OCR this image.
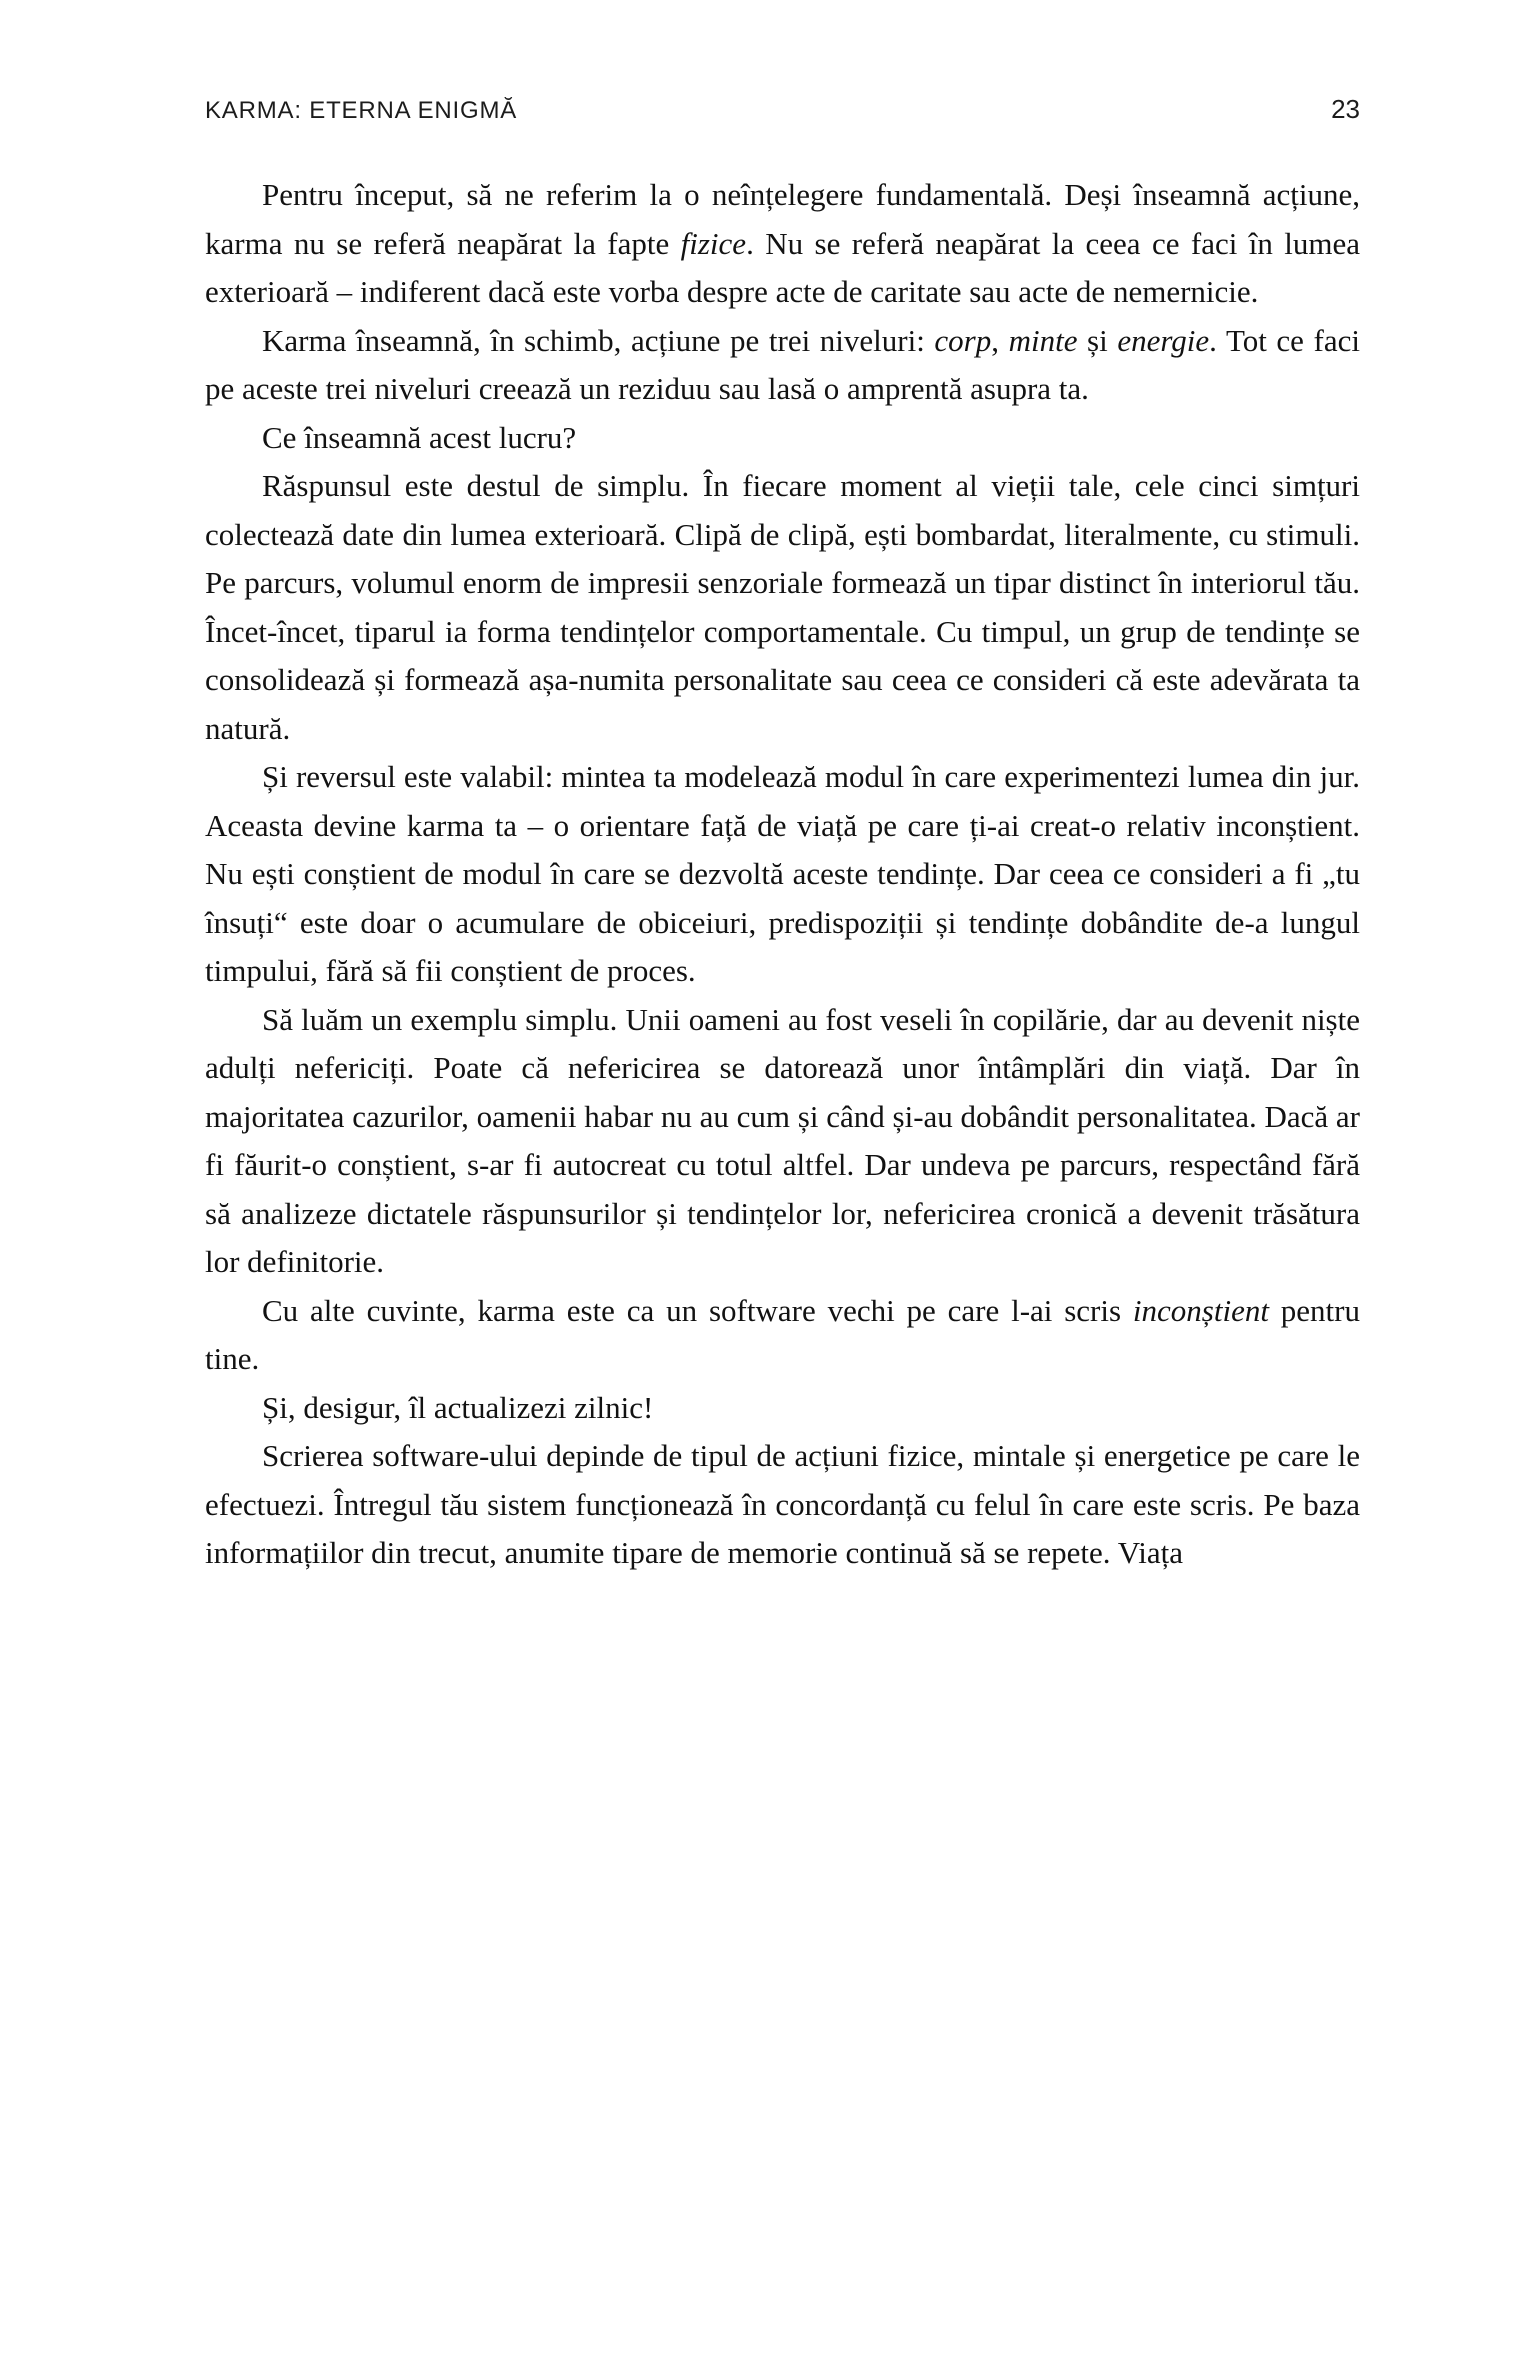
KARMA: ETERNA ENIGMĂ	23

Pentru început, să ne referim la o neînțelegere fundamentală. Deși înseamnă acțiune, karma nu se referă neapărat la fapte fizice. Nu se referă neapărat la ceea ce faci în lumea exterioară – indiferent dacă este vorba despre acte de caritate sau acte de nemernicie.

Karma înseamnă, în schimb, acțiune pe trei niveluri: corp, minte și energie. Tot ce faci pe aceste trei niveluri creează un reziduu sau lasă o amprentă asupra ta.

Ce înseamnă acest lucru?

Răspunsul este destul de simplu. În fiecare moment al vieții tale, cele cinci simțuri colectează date din lumea exterioară. Clipă de clipă, ești bombardat, literalmente, cu stimuli. Pe parcurs, volumul enorm de impresii senzoriale formează un tipar distinct în interiorul tău. Încet-încet, tiparul ia forma tendințelor comportamentale. Cu timpul, un grup de tendințe se consolidează și formează așa-numita personalitate sau ceea ce consideri că este adevărata ta natură.

Și reversul este valabil: mintea ta modelează modul în care experimentezi lumea din jur. Aceasta devine karma ta – o orientare față de viață pe care ți-ai creat-o relativ inconștient. Nu ești conștient de modul în care se dezvoltă aceste tendințe. Dar ceea ce consideri a fi „tu însuți“ este doar o acumulare de obiceiuri, predispoziții și tendințe dobândite de-a lungul timpului, fără să fii conștient de proces.

Să luăm un exemplu simplu. Unii oameni au fost veseli în copilărie, dar au devenit niște adulți nefericiți. Poate că nefericirea se datorează unor întâmplări din viață. Dar în majoritatea cazurilor, oamenii habar nu au cum și când și-au dobândit personalitatea. Dacă ar fi făurit-o conștient, s-ar fi autocreat cu totul altfel. Dar undeva pe parcurs, respectând fără să analizeze dictatele răspunsurilor și tendințelor lor, nefericirea cronică a devenit trăsătura lor definitorie.

Cu alte cuvinte, karma este ca un software vechi pe care l-ai scris inconștient pentru tine.

Și, desigur, îl actualizezi zilnic!

Scrierea software-ului depinde de tipul de acțiuni fizice, mintale și energetice pe care le efectuezi. Întregul tău sistem funcționează în concordanță cu felul în care este scris. Pe baza informațiilor din trecut, anumite tipare de memorie continuă să se repete. Viața
